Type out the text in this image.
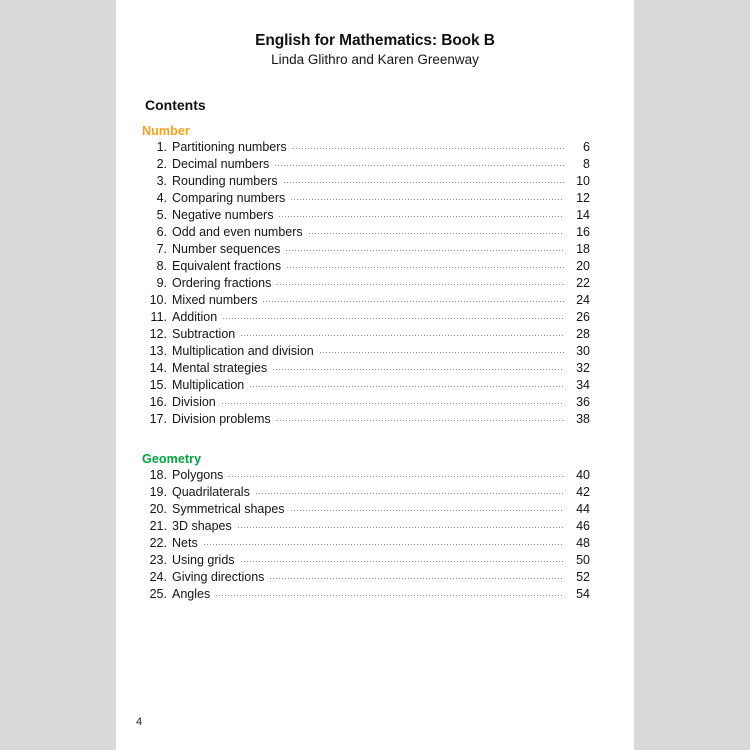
English for Mathematics: Book B
Linda Glithro and Karen Greenway
Contents
Number
1. Partitioning numbers	6
2. Decimal numbers	8
3. Rounding numbers	10
4. Comparing numbers	12
5. Negative numbers	14
6. Odd and even numbers	16
7. Number sequences	18
8. Equivalent fractions	20
9. Ordering fractions	22
10. Mixed numbers	24
11. Addition	26
12. Subtraction	28
13. Multiplication and division	30
14. Mental strategies	32
15. Multiplication	34
16. Division	36
17. Division problems	38
Geometry
18. Polygons	40
19. Quadrilaterals	42
20. Symmetrical shapes	44
21. 3D shapes	46
22. Nets	48
23. Using grids	50
24. Giving directions	52
25. Angles	54
4
